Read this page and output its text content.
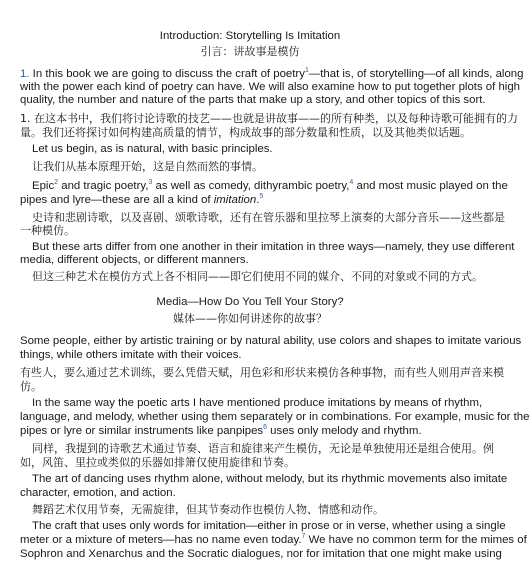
Introduction: Storytelling Is Imitation
引言：讲故事是模仿
1. In this book we are going to discuss the craft of poetry$^1$—that is, of storytelling—of all kinds, along
with the power each kind of poetry can have. We will also examine how to put together plots of high
quality, the number and nature of the parts that make up a story, and other topics of this sort.
1. 在这本书中，我们将讨论诗歌的技艺——也就是讲故事——的所有种类，以及每种诗歌可能拥有的力
量。我们还将探讨如何构建高质量的情节，构成故事的部分数量和性质，以及其他类似话题。
Let us begin, as is natural, with basic principles.
让我们从基本原理开始，这是自然而然的事情。
Epic$^2$ and tragic poetry,$^3$ as well as comedy, dithyrambic poetry,$^4$ and most music played on the
pipes and lyre—these are all a kind of imitation.$^5$
史诗和悲剧诗歌，以及喜剧、颂歌诗歌，还有在管乐器和里拉琴上演奏的大部分音乐——这些都是
一种模仿。
But these arts differ from one another in their imitation in three ways—namely, they use different
media, different objects, or different manners.
但这三种艺术在模仿方式上各不相同——即它们使用不同的媒介、不同的对象或不同的方式。
Media—How Do You Tell Your Story?
媒体——你如何讲述你的故事？
Some people, either by artistic training or by natural ability, use colors and shapes to imitate various
things, while others imitate with their voices.
有些人，要么通过艺术训练，要么凭借天赋，用色彩和形状来模仿各种事物，而有些人则用声音来模
仿。
In the same way the poetic arts I have mentioned produce imitations by means of rhythm,
language, and melody, whether using them separately or in combinations. For example, music for the
pipes or lyre or similar instruments like panpipes$^6$ uses only melody and rhythm.
同样，我提到的诗歌艺术通过节奏、语言和旋律来产生模仿，无论是单独使用还是组合使用。例
如，风笛、里拉或类似的乐器如排箫仅使用旋律和节奏。
The art of dancing uses rhythm alone, without melody, but its rhythmic movements also imitate
character, emotion, and action.
舞蹈艺术仅用节奏，无需旋律，但其节奏动作也模仿人物、情感和动作。
The craft that uses only words for imitation—either in prose or in verse, whether using a single
meter or a mixture of meters—has no name even today.$^7$ We have no common term for the mimes of
Sophron and Xenarchus and the Socratic dialogues, nor for imitation that one might make using
